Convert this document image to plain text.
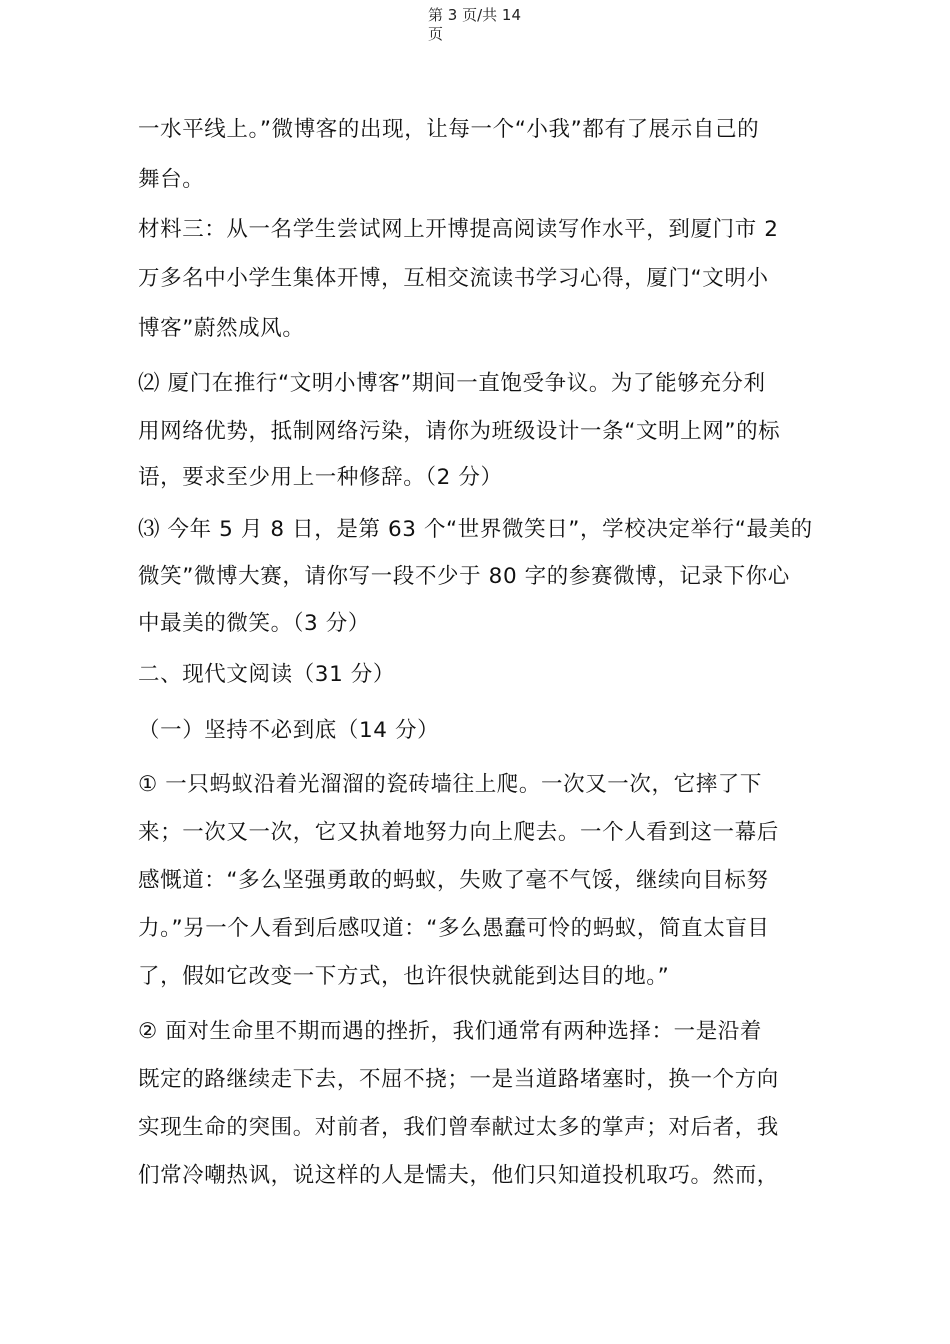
第 3 页/共 14
页
一水平线上。”微博客的出现，让每一个“小我”都有了展示自己的
舞台。
材料三：从一名学生尝试网上开博提高阅读写作水平，到厦门市 2
万多名中小学生集体开博，互相交流读书学习心得，厦门“文明小
博客”蔚然成风。
⑵ 厦门在推行“文明小博客”期间一直饱受争议。为了能够充分利
用网络优势，抵制网络污染，请你为班级设计一条“文明上网”的标
语，要求至少用上一种修辞。（2 分）
⑶ 今年 5 月 8 日，是第 63 个“世界微笑日”，学校决定举行“最美的
微笑”微博大赛，请你写一段不少于 80 字的参赛微博，记录下你心
中最美的微笑。（3 分）
二、现代文阅读（31 分）
（一）坚持不必到底（14 分）
① 一只蚂蚁沿着光溜溜的瓷砖墙往上爬。一次又一次，它摔了下
来；一次又一次，它又执着地努力向上爬去。一个人看到这一幕后
感慨道：“多么坚强勇敢的蚂蚁，失败了毫不气馁，继续向目标努
力。”另一个人看到后感叹道：“多么愚蠢可怜的蚂蚁，简直太盲目
了，假如它改变一下方式，也许很快就能到达目的地。”
② 面对生命里不期而遇的挫折，我们通常有两种选择：一是沿着
既定的路继续走下去，不屈不挠；一是当道路堵塞时，换一个方向
实现生命的突围。对前者，我们曾奉献过太多的掌声；对后者，我
们常冷嘲热讽，说这样的人是懦夫，他们只知道投机取巧。然而，
